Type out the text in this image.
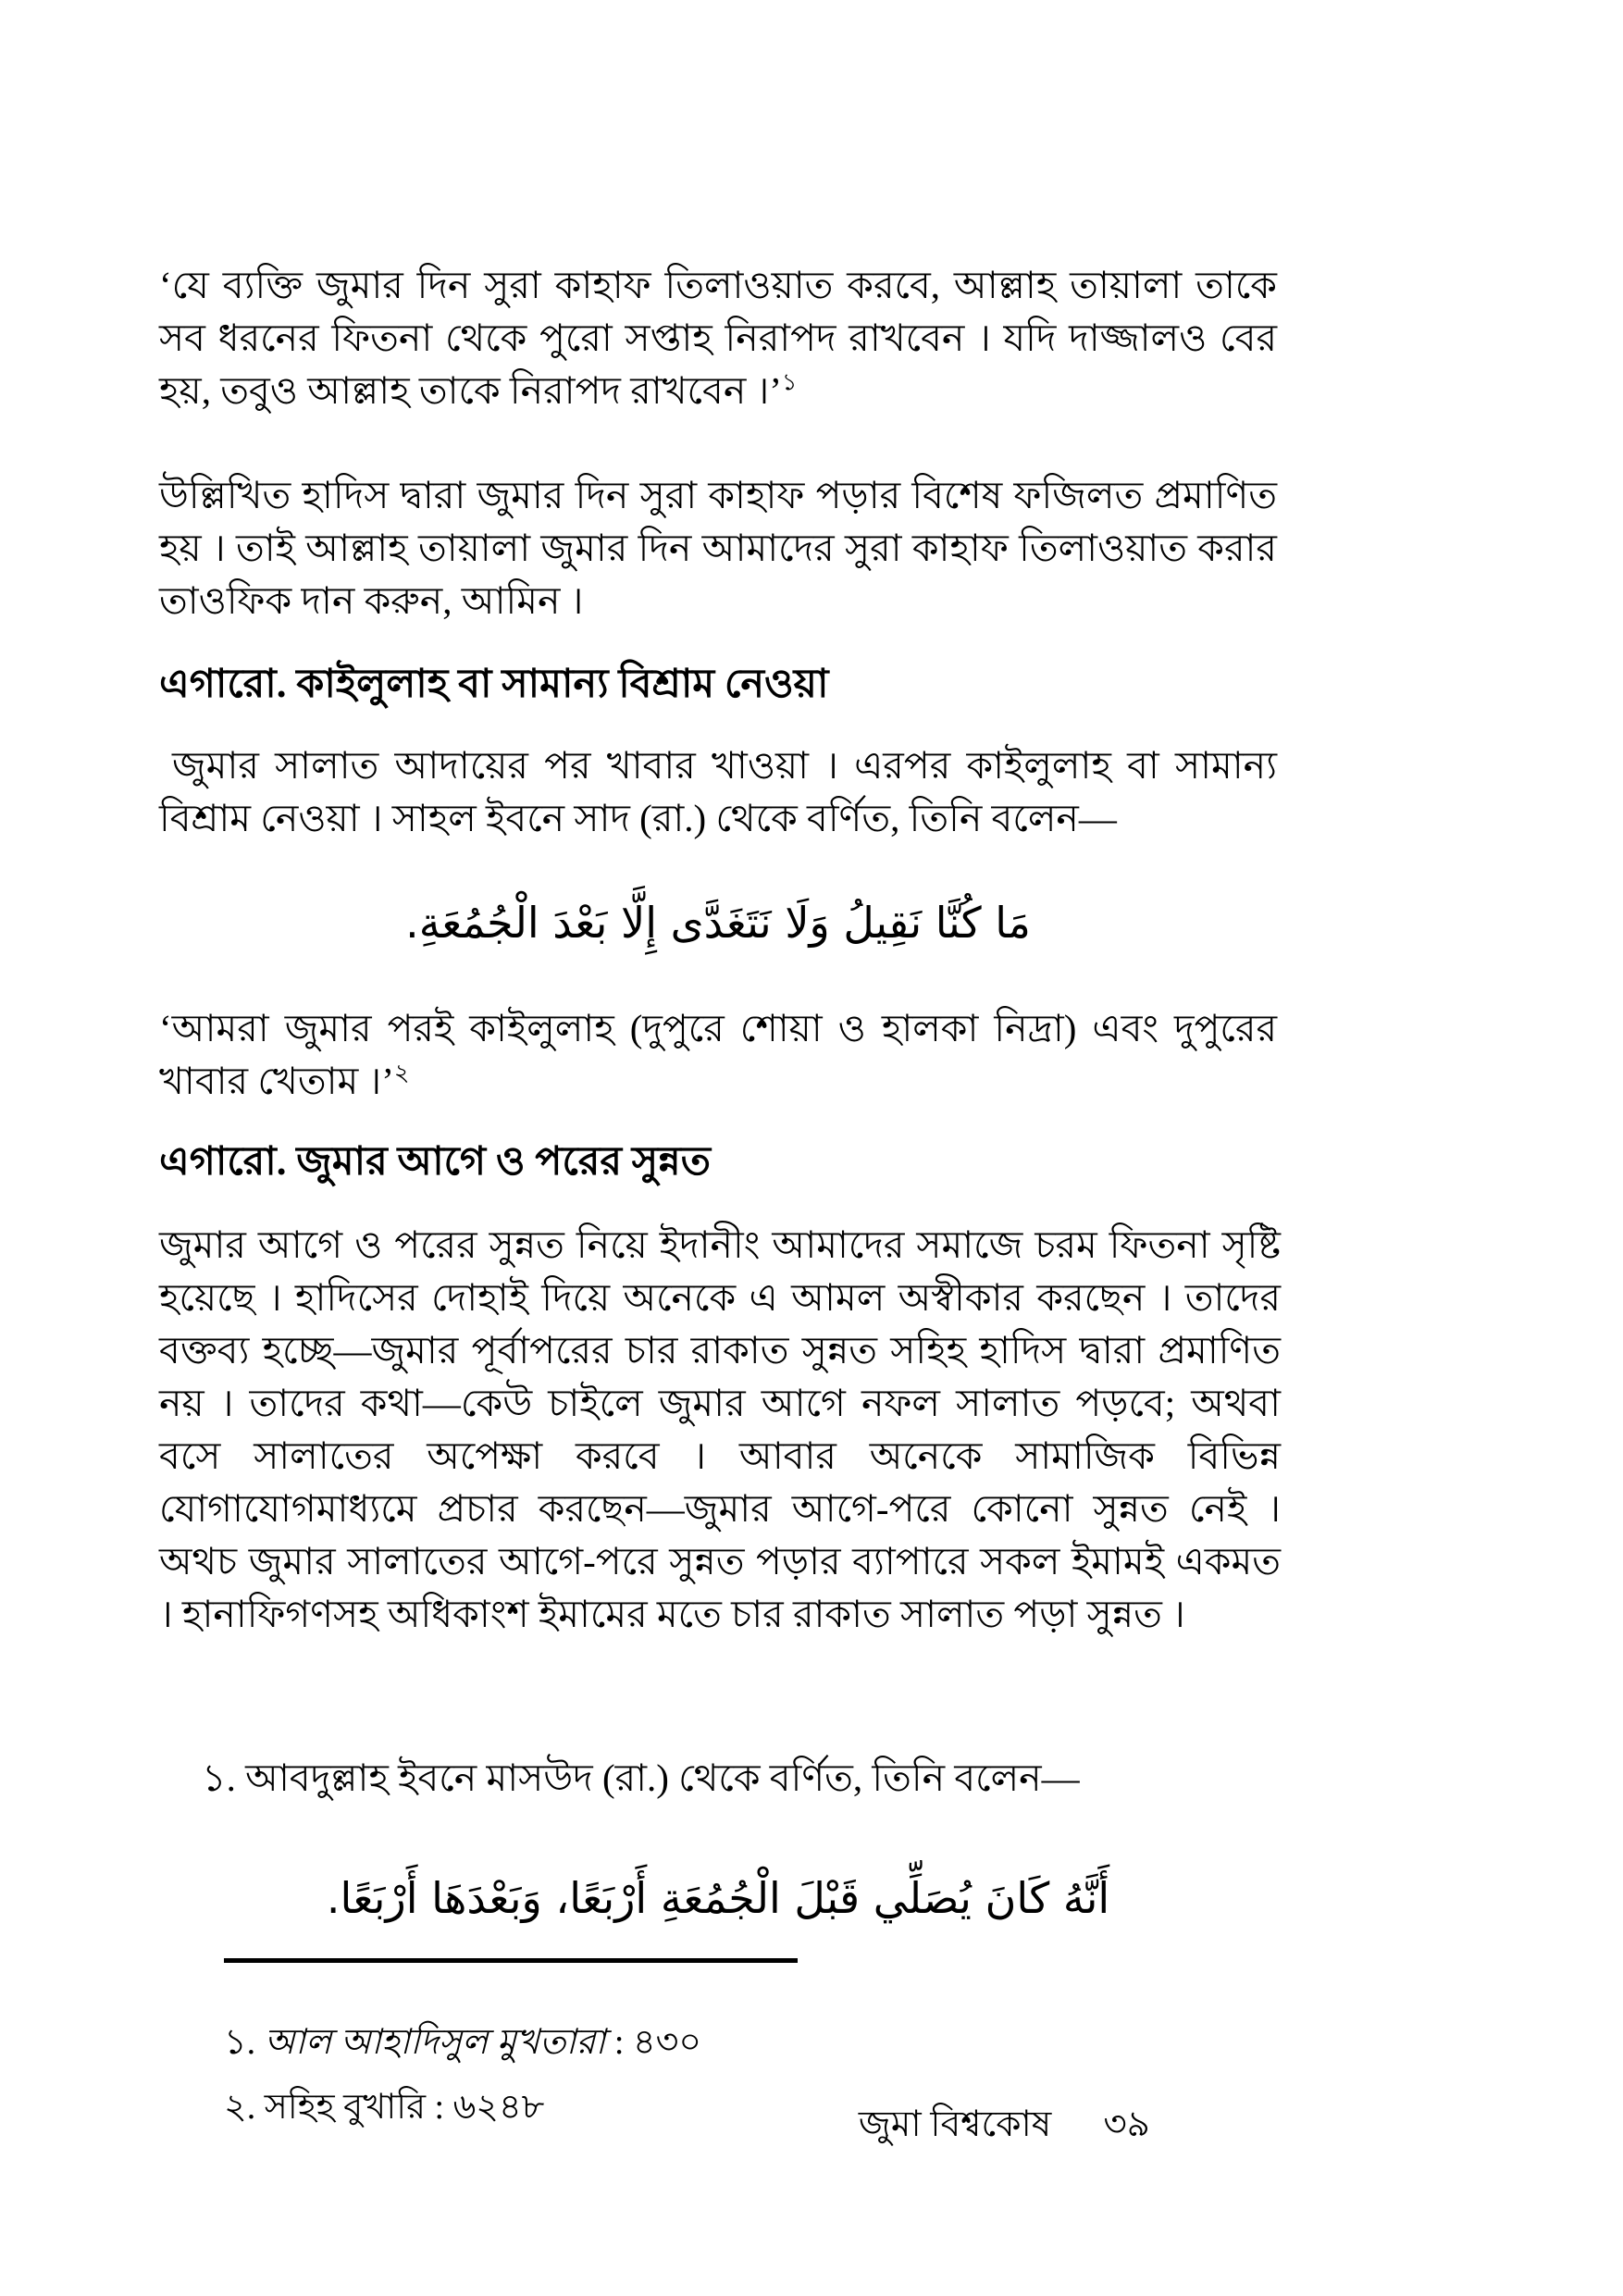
‘যে ব্যক্তি জুমার দিন সুরা কাহাফ তিলাওয়াত করবে, আল্লাহ তায়ালা তাকে সব ধরনের ফিতনা থেকে পুরো সপ্তাহ নিরাপদ রাখবেন । যদি দাজ্জালও বের হয়, তবুও আল্লাহ তাকে নিরাপদ রাখবেন ।’$^১$

উল্লিখিত হাদিস দ্বারা জুমার দিন সুরা কাহাফ পড়ার বিশেষ ফজিলত প্রমাণিত হয় । তাই আল্লাহ তায়ালা জুমার দিন আমাদের সুরা কাহাফ তিলাওয়াত করার তাওফিক দান করুন, আমিন ।

এগারো. কাইলুলাহ বা সামান্য বিশ্রাম নেওয়া

জুমার সালাত আদায়ের পর খাবার খাওয়া । এরপর কাইলুলাহ বা সামান্য বিশ্রাম নেওয়া । সাহল ইবনে সাদ (রা.) থেকে বর্ণিত, তিনি বলেন—

مَا كُنَّا نَقِيلُ وَلَا نَتَغَدَّى إِلَّا بَعْدَ الْجُمُعَةِ.

‘আমরা জুমার পরই কাইলুলাহ (দুপুরে শোয়া ও হালকা নিদ্রা) এবং দুপুরের খাবার খেতাম ।’$^২$

এগারো. জুমার আগে ও পরের সুন্নত

জুমার আগে ও পরের সুন্নত নিয়ে ইদানীং আমাদের সমাজে চরম ফিতনা সৃষ্টি হয়েছে । হাদিসের দোহাই দিয়ে অনেকে এ আমল অস্বীকার করছেন । তাদের বক্তব্য হচ্ছে—জুমার পূর্বাপরের চার রাকাত সুন্নত সহিহ হাদিস দ্বারা প্রমাণিত নয় । তাদের কথা—কেউ চাইলে জুমার আগে নফল সালাত পড়বে; অথবা বসে সালাতের অপেক্ষা করবে । আবার অনেকে সামাজিক বিভিন্ন যোগাযোগমাধ্যমে প্রচার করছেন—জুমার আগে-পরে কোনো সুন্নত নেই । অথচ জুমার সালাতের আগে-পরে সুন্নত পড়ার ব্যাপারে সকল ইমামই একমত । হানাফিগণসহ অধিকাংশ ইমামের মতে চার রাকাত সালাত পড়া সুন্নত ।

১. আবদুল্লাহ ইবনে মাসউদ (রা.) থেকে বর্ণিত, তিনি বলেন—

أَنَّهُ كَانَ يُصَلِّي قَبْلَ الْجُمُعَةِ أَرْبَعًا، وَبَعْدَهَا أَرْبَعًا.

১. আল আহাদিসুল মুখতারা : ৪৩০

২. সহিহ বুখারি : ৬২৪৮	জুমা বিশ্বকোষ ৩৯
